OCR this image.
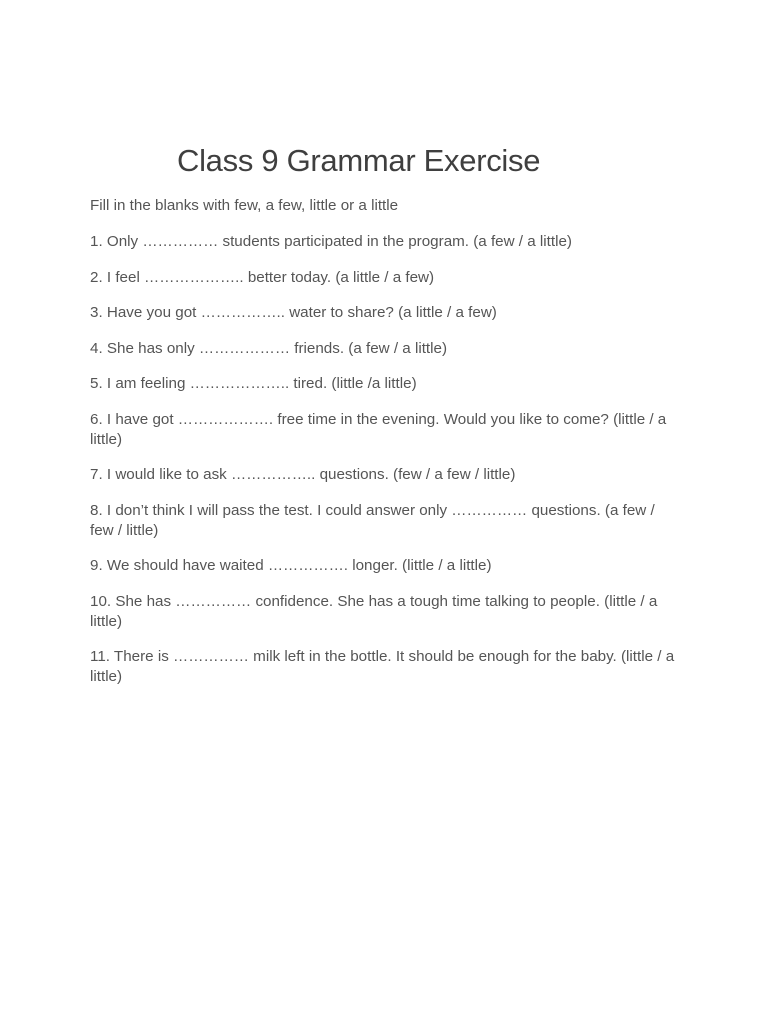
Class 9 Grammar Exercise

Fill in the blanks with few, a few, little or a little

1. Only …………… students participated in the program. (a few / a little)

2. I feel ……………….. better today. (a little / a few)

3. Have you got …………….. water to share? (a little / a few)

4. She has only ……………… friends. (a few / a little)

5. I am feeling ……………….. tired. (little /a little)

6. I have got ………………. free time in the evening. Would you like to come? (little / a little)

7. I would like to ask …………….. questions. (few / a few / little)

8. I don’t think I will pass the test. I could answer only …………… questions. (a few / few / little)

9. We should have waited ……………. longer. (little / a little)

10. She has …………… confidence. She has a tough time talking to people. (little / a little)

11. There is …………… milk left in the bottle. It should be enough for the baby. (little / a little)
